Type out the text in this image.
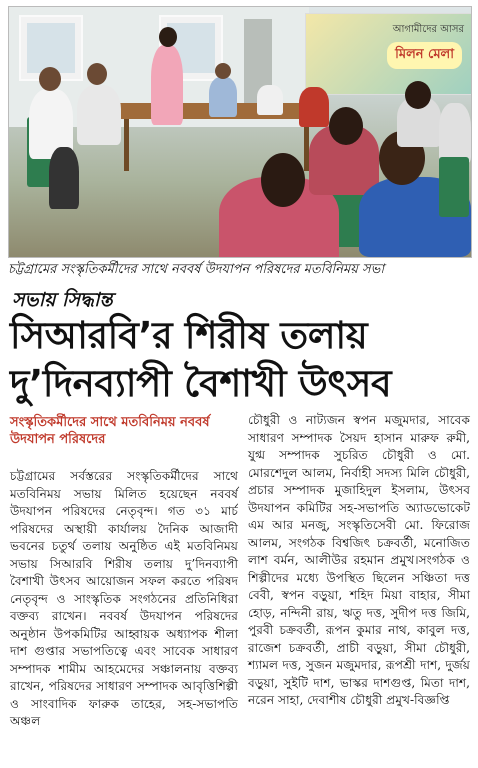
আগামীদের আসর
মিলন মেলা
চট্টগ্রামের সংস্কৃতিকর্মীদের সাথে নববর্ষ উদযাপন পরিষদের মতবিনিময় সভা
সভায় সিদ্ধান্ত
সিআরবি’র শিরীষ তলায়
দু’দিনব্যাপী বৈশাখী উৎসব
সংস্কৃতিকর্মীদের সাথে মতবিনিময় নববর্ষ উদযাপন পরিষদের

চট্টগ্রামের সর্বস্তরের সংস্কৃতিকর্মীদের সাথে মতবিনিময় সভায় মিলিত হয়েছেন নববর্ষ উদযাপন পরিষদের নেতৃবৃন্দ। গত ৩১ মার্চ পরিষদের অস্থায়ী কার্যালয় দৈনিক আজাদী ভবনের চতুর্থ তলায় অনুষ্ঠিত এই মতবিনিময় সভায় সিআরবি শিরীষ তলায় দু’দিনব্যাপী বৈশাখী উৎসব আয়োজন সফল করতে পরিষদ নেতৃবৃন্দ ও সাংস্কৃতিক সংগঠনের প্রতিনিধিরা বক্তব্য রাখেন। নববর্ষ উদযাপন পরিষদের অনুষ্ঠান উপকমিটির আহ্বায়ক অধ্যাপক শীলা দাশ গুপ্তার সভাপতিত্বে এবং সাবেক সাধারণ সম্পাদক শামীম আহমেদের সঞ্চালনায় বক্তব্য রাখেন, পরিষদের সাধারণ সম্পাদক আবৃত্তিশিল্পী ও সাংবাদিক ফারুক তাহের, সহ-সভাপতি অঞ্চল

চৌধুরী ও নাট্যজন স্বপন মজুমদার, সাবেক সাধারণ সম্পাদক সৈয়দ হাসান মারুফ রুমী, যুগ্ম সম্পাদক সুচরিত চৌধুরী ও মো. মোরশেদুল আলম, নির্বাহী সদস্য মিলি চৌধুরী, প্রচার সম্পাদক মুজাহিদুল ইসলাম, উৎসব উদযাপন কমিটির সহ-সভাপতি অ্যাডভোকেট এম আর মনজু, সংস্কৃতিসেবী মো. ফিরোজ আলম, সংগঠক বিশ্বজিৎ চক্রবর্তী, মনোজিত লাশ বর্মন, আলীউর রহমান প্রমুখ।সংগঠক ও শিল্পীদের মধ্যে উপস্থিত ছিলেন সঞ্চিতা দত্ত বেবী, স্বপন বড়ুয়া, শহিদ মিয়া বাহার, সীমা হোড়, নন্দিনী রায়, ঋতু দত্ত, সুদীপ দত্ত জিমি, পুরবী চক্রবর্তী, রূপন কুমার নাথ, কাবুল দত্ত, রাজেশ চক্রবর্তী, প্রাচী বড়ুয়া, সীমা চৌধুরী, শ্যামল দত্ত, সুজন মজুমদার, রূপশ্রী দাশ, দুর্জয় বড়ুয়া, সুইটি দাশ, ভাস্কর দাশগুপ্ত, মিতা দাশ, নরেন সাহা, দেবাশীষ চৌধুরী প্রমুখ-বিজ্ঞপ্তি
